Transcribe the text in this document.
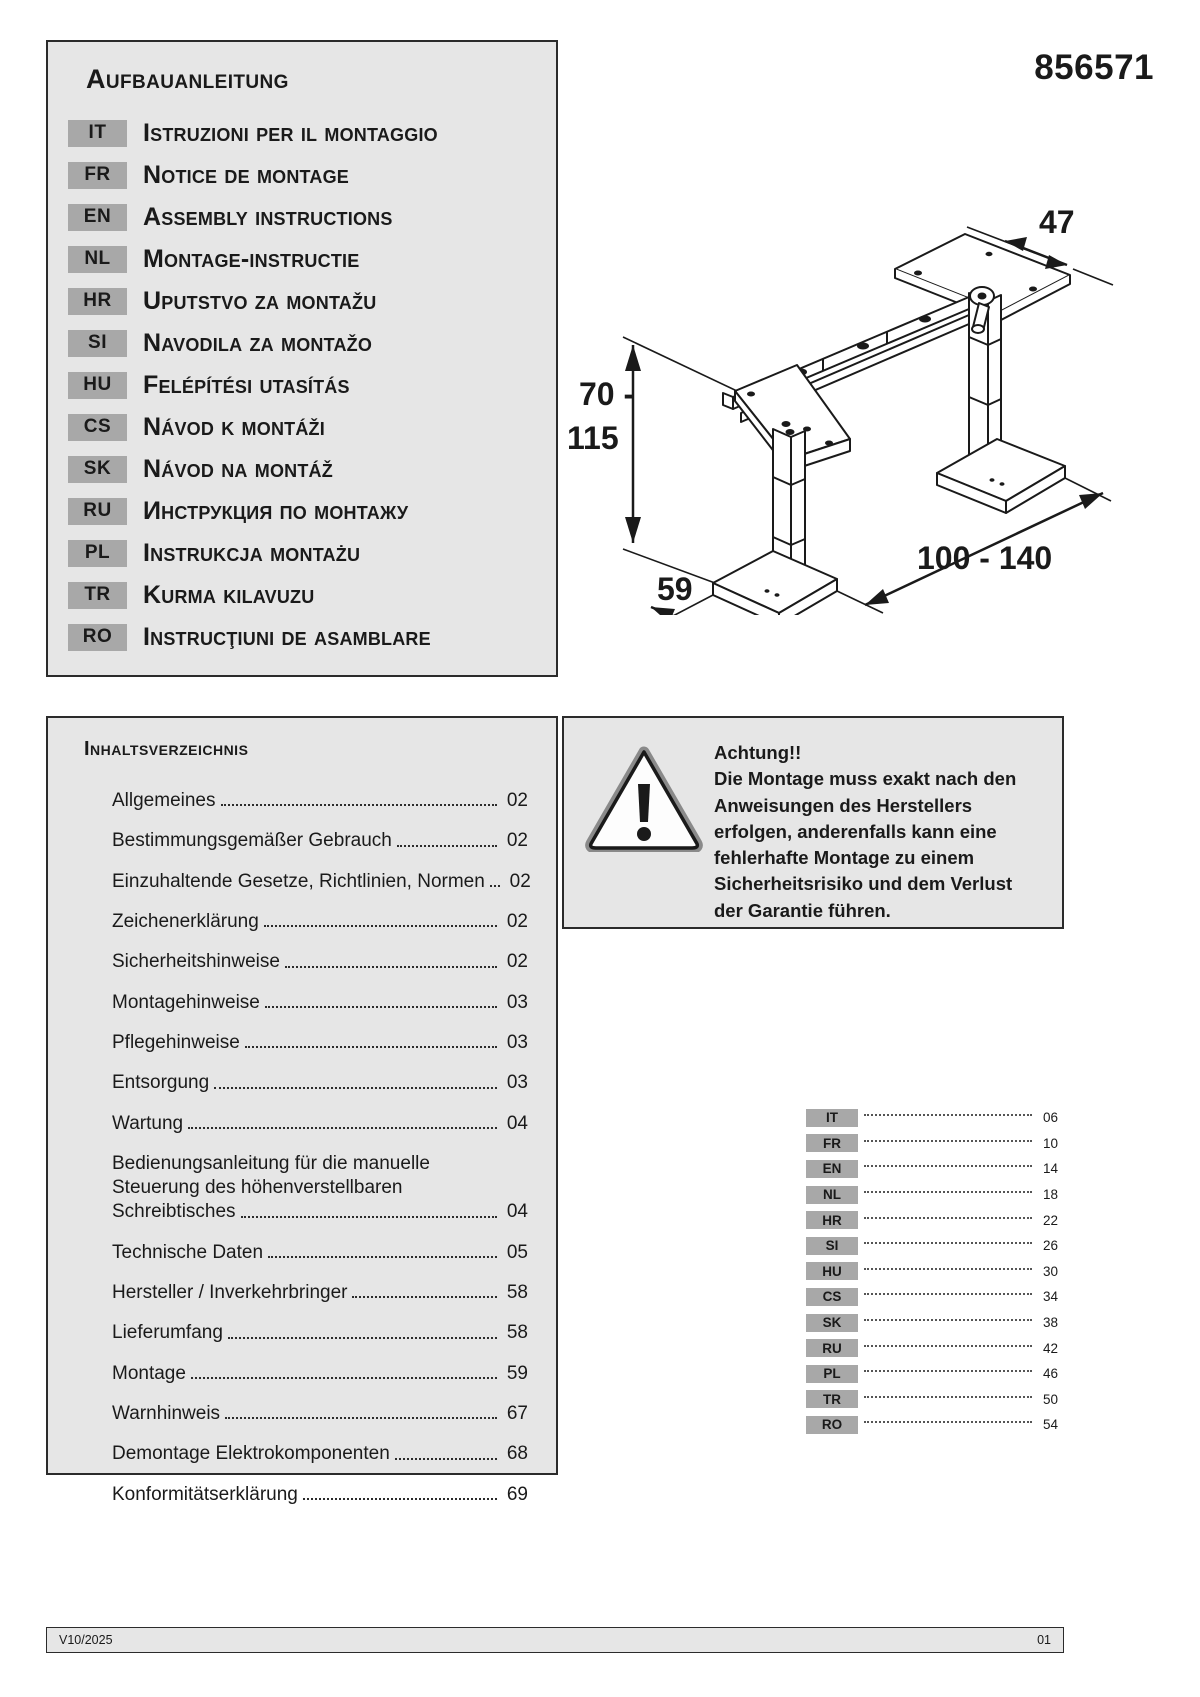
Aufbauanleitung
IT	Istruzioni per il montaggio
FR	Notice de montage
EN	Assembly instructions
NL	Montage-instructie
HR	Uputstvo za montažu
SI	Navodila za montažo
HU	Felépítési utasítás
CS	Návod k montáži
SK	Návod na montáž
RU	Инструкция по монтажу
PL	Instrukcja montażu
TR	Kurma kilavuzu
RO	Instrucţiuni de asamblare
856571
70 -
115
47
59
100 - 140
Inhaltsverzeichnis
Allgemeines	02
Bestimmungsgemäßer Gebrauch	02
Einzuhaltende Gesetze, Richtlinien, Normen 02
Zeichenerklärung	02
Sicherheitshinweise	02
Montagehinweise	03
Pflegehinweise	03
Entsorgung	03
Wartung	04
Bedienungsanleitung für die manuelle
Steuerung des höhenverstellbaren
Schreibtisches	04
Technische Daten	05
Hersteller / Inverkehrbringer	58
Lieferumfang	58
Montage	59
Warnhinweis	67
Demontage Elektrokomponenten	68
Konformitätserklärung	69
Achtung!!
Die Montage muss exakt nach den
Anweisungen des Herstellers
erfolgen, anderenfalls kann eine
fehlerhafte Montage zu einem
Sicherheitsrisiko und dem Verlust
der Garantie führen.
IT	06
FR	10
EN	14
NL	18
HR	22
SI	26
HU	30
CS	34
SK	38
RU	42
PL	46
TR	50
RO	54
V10/2025	01
